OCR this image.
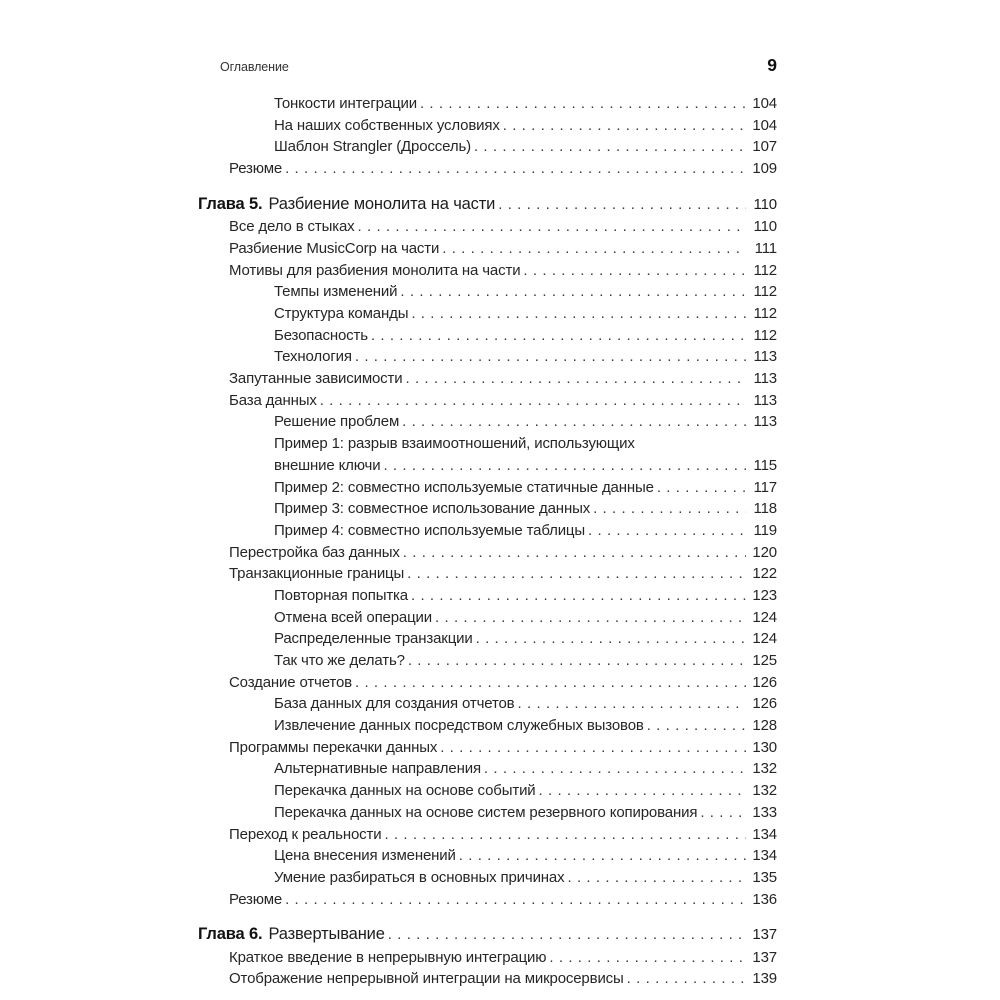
Оглавление	9
Тонкости интеграции .....	104
На наших собственных условиях .....	104
Шаблон Strangler (Дроссель) .....	107
Резюме .....	109
Глава 5. Разбиение монолита на части .....	110
Все дело в стыках .....	110
Разбиение MusicCorp на части .....	111
Мотивы для разбиения монолита на части .....	112
Темпы изменений .....	112
Структура команды .....	112
Безопасность .....	112
Технология .....	113
Запутанные зависимости .....	113
База данных .....	113
Решение проблем .....	113
Пример 1: разрыв взаимоотношений, использующих
внешние ключи .....	115
Пример 2: совместно используемые статичные данные .....	117
Пример 3: совместное использование данных .....	118
Пример 4: совместно используемые таблицы .....	119
Перестройка баз данных .....	120
Транзакционные границы .....	122
Повторная попытка .....	123
Отмена всей операции .....	124
Распределенные транзакции .....	124
Так что же делать? .....	125
Создание отчетов .....	126
База данных для создания отчетов .....	126
Извлечение данных посредством служебных вызовов .....	128
Программы перекачки данных .....	130
Альтернативные направления .....	132
Перекачка данных на основе событий .....	132
Перекачка данных на основе систем резервного копирования .....	133
Переход к реальности .....	134
Цена внесения изменений .....	134
Умение разбираться в основных причинах .....	135
Резюме .....	136
Глава 6. Развертывание .....	137
Краткое введение в непрерывную интеграцию .....	137
Отображение непрерывной интеграции на микросервисы .....	139
